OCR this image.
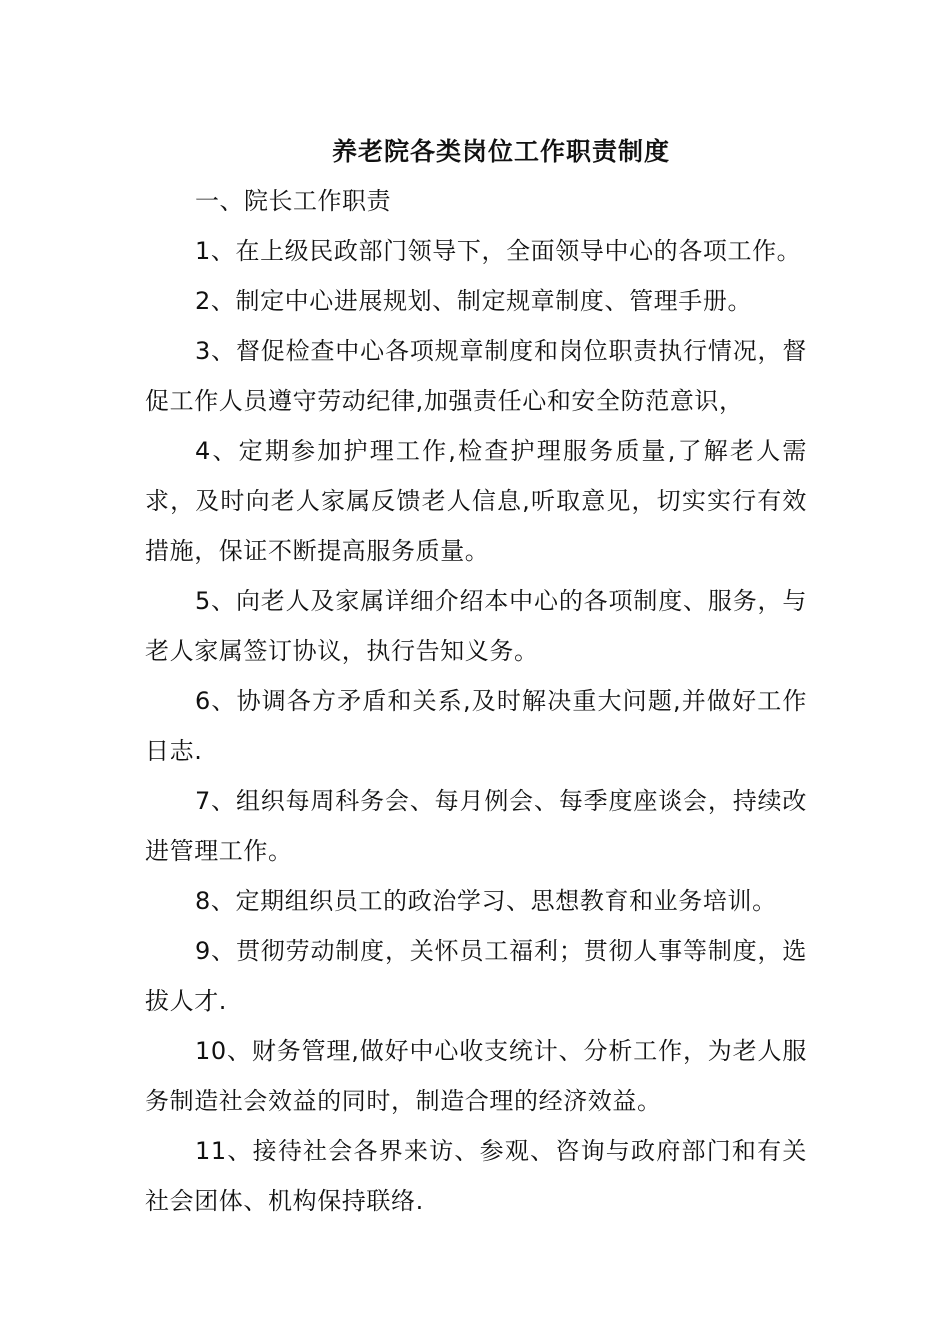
养老院各类岗位工作职责制度

一、院长工作职责

1、在上级民政部门领导下，全面领导中心的各项工作。

2、制定中心进展规划、制定规章制度、管理手册。

3、督促检查中心各项规章制度和岗位职责执行情况，督促工作人员遵守劳动纪律,加强责任心和安全防范意识，

4、定期参加护理工作,检查护理服务质量,了解老人需求，及时向老人家属反馈老人信息,听取意见，切实实行有效措施，保证不断提高服务质量。

5、向老人及家属详细介绍本中心的各项制度、服务，与老人家属签订协议，执行告知义务。

6、协调各方矛盾和关系,及时解决重大问题,并做好工作日志.

7、组织每周科务会、每月例会、每季度座谈会，持续改进管理工作。

8、定期组织员工的政治学习、思想教育和业务培训。

9、贯彻劳动制度，关怀员工福利；贯彻人事等制度，选拔人才.

10、财务管理,做好中心收支统计、分析工作，为老人服务制造社会效益的同时，制造合理的经济效益。

11、接待社会各界来访、参观、咨询与政府部门和有关社会团体、机构保持联络.
